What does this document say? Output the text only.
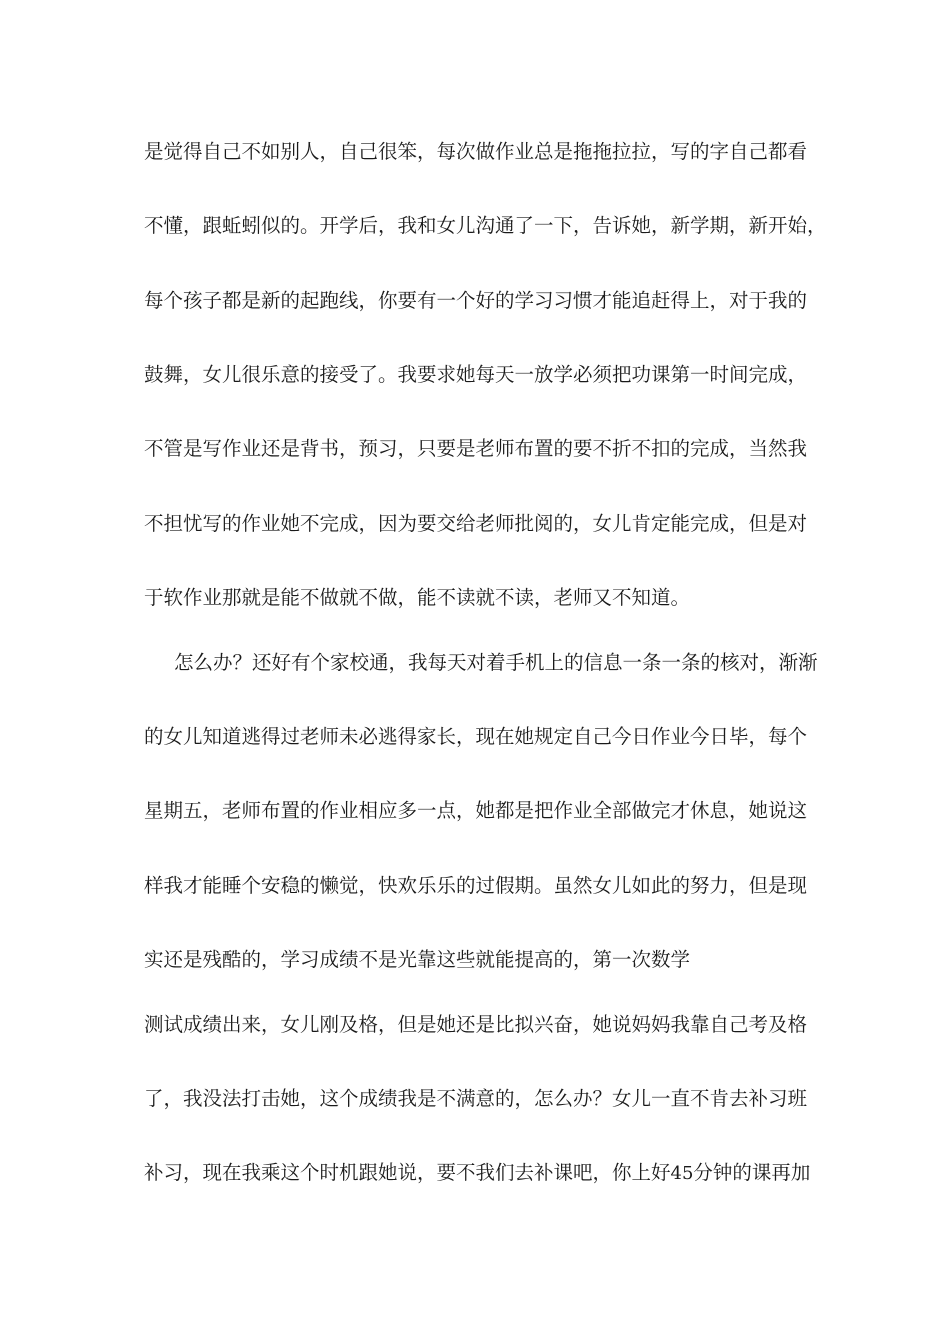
是觉得自己不如别人，自己很笨，每次做作业总是拖拖拉拉，写的字自己都看
不懂，跟蚯蚓似的。开学后，我和女儿沟通了一下，告诉她，新学期，新开始，
每个孩子都是新的起跑线，你要有一个好的学习习惯才能追赶得上，对于我的
鼓舞，女儿很乐意的接受了。我要求她每天一放学必须把功课第一时间完成，
不管是写作业还是背书，预习，只要是老师布置的要不折不扣的完成，当然我
不担忧写的作业她不完成，因为要交给老师批阅的，女儿肯定能完成，但是对
于软作业那就是能不做就不做，能不读就不读，老师又不知道。
怎么办？还好有个家校通，我每天对着手机上的信息一条一条的核对，渐渐
的女儿知道逃得过老师未必逃得家长，现在她规定自己今日作业今日毕，每个
星期五，老师布置的作业相应多一点，她都是把作业全部做完才休息，她说这
样我才能睡个安稳的懒觉，快欢乐乐的过假期。虽然女儿如此的努力，但是现
实还是残酷的，学习成绩不是光靠这些就能提高的，第一次数学
测试成绩出来，女儿刚及格，但是她还是比拟兴奋，她说妈妈我靠自己考及格
了，我没法打击她，这个成绩我是不满意的，怎么办？女儿一直不肯去补习班
补习，现在我乘这个时机跟她说，要不我们去补课吧，你上好45分钟的课再加
